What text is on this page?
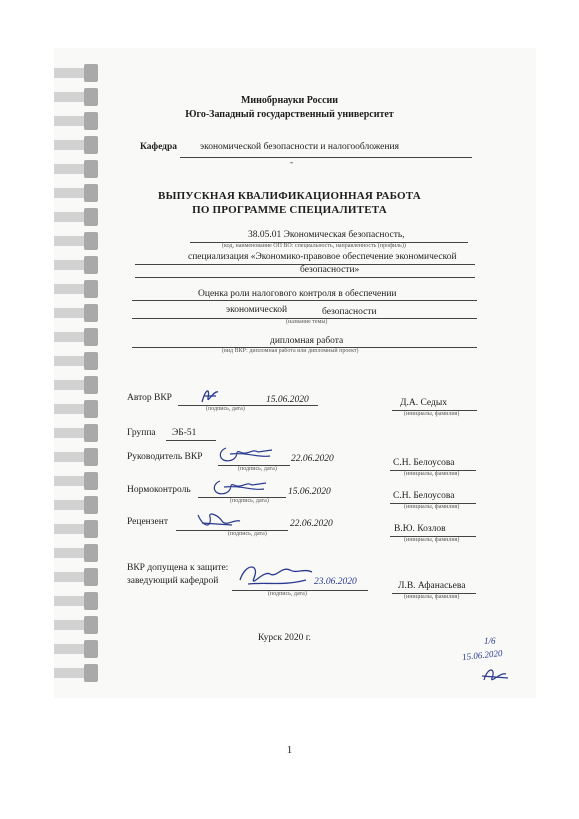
Минобрнауки России
Юго-Западный государственный университет
Кафедра экономической безопасности и налогообложения
-
ВЫПУСКНАЯ КВАЛИФИКАЦИОННАЯ РАБОТА
ПО ПРОГРАММЕ СПЕЦИАЛИТЕТА
38.05.01 Экономическая безопасность,
(код, наименование ОП ВО: специальность, направленность (профиль))
специализация «Экономико-правовое обеспечение экономической
безопасности»
Оценка роли налогового контроля в обеспечении
экономической	безопасности
(название темы)
дипломная работа
(вид ВКР: дипломная работа или дипломный проект)
Автор ВКР	15.06.2020
(подпись, дата)
Д.А. Седых
(инициалы, фамилия)
Группа ЭБ-51
Руководитель ВКР	22.06.2020
(подпись, дата)
С.Н. Белоусова
(инициалы, фамилия)
Нормоконтроль	15.06.2020
(подпись, дата)	С.Н. Белоусова
(инициалы, фамилия)
Рецензент	22.06.2020
(подпись, дата)	В.Ю. Козлов
(инициалы, фамилия)
ВКР допущена к защите:
заведующий кафедрой	23.06.2020
(подпись, дата)
Л.В. Афанасьева
(инициалы, фамилия)
Курск 2020 г.	1/6
15.06.2020
1
